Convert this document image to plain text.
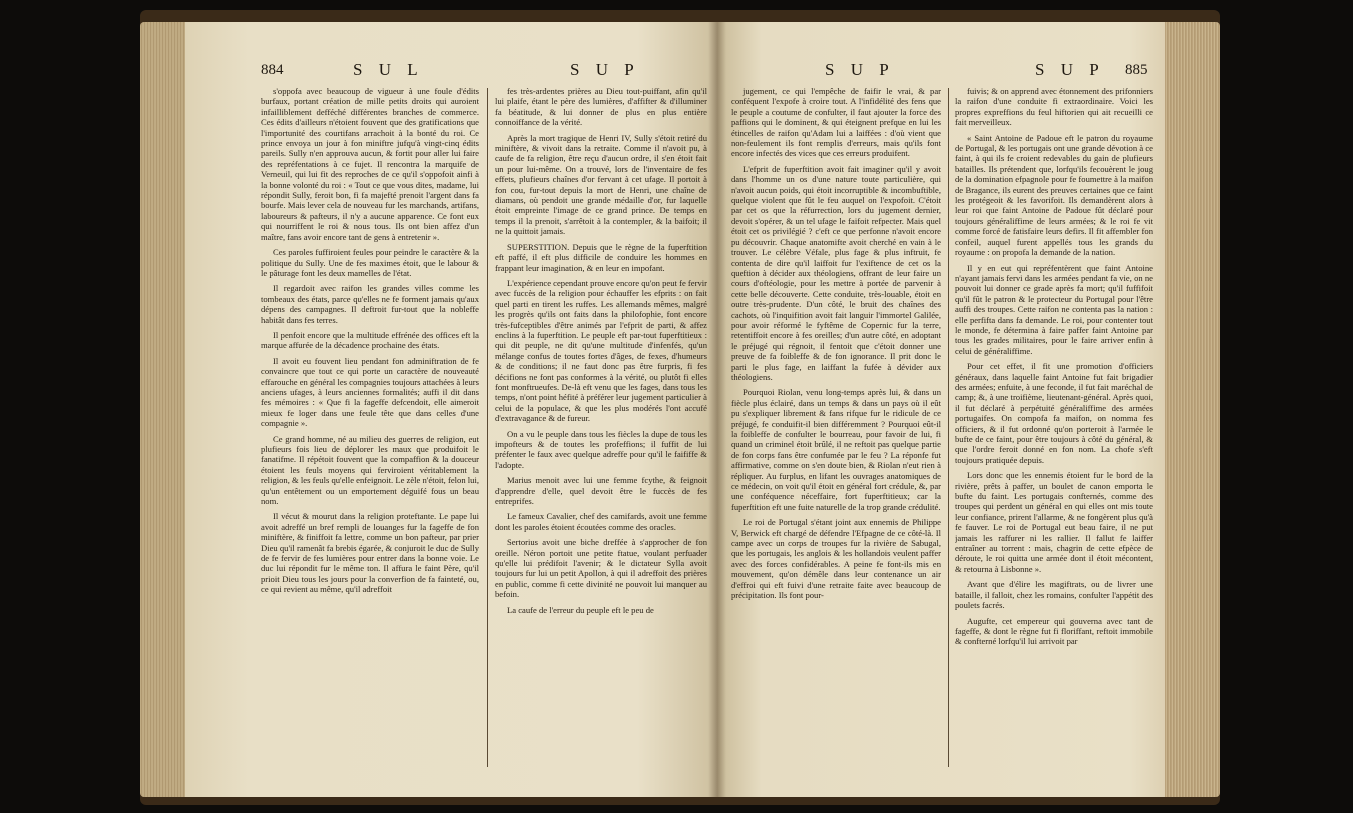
884	S U L	S U P

s'oppofa avec beaucoup de vigueur à une foule d'édits burfaux, portant création de mille petits droits qui auroient infailliblement defféché différentes branches de commerce. Ces édits d'ailleurs n'étoient fouvent que des gratifications que l'importunité des courtifans arrachoit à la bonté du roi. Ce prince envoya un jour à fon miniftre jufqu'à vingt-cinq édits pareils. Sully n'en approuva aucun, & fortit pour aller lui faire des repréfentations à ce fujet. Il rencontra la marquife de Verneuil, qui lui fit des reproches de ce qu'il s'oppofoit ainfi à la bonne volonté du roi : « Tout ce que vous dites, madame, lui répondit Sully, feroit bon, fi fa majefté prenoit l'argent dans fa bourfe. Mais lever cela de nouveau fur les marchands, artifans, laboureurs & pafteurs, il n'y a aucune apparence. Ce font eux qui nourriffent le roi & nous tous. Ils ont bien affez d'un maître, fans avoir encore tant de gens à entretenir ».

Ces paroles fuffiroient feules pour peindre le caractère & la politique du Sully. Une de fes maximes étoit, que le labour & le pâturage font les deux mamelles de l'état.

Il regardoit avec raifon les grandes villes comme les tombeaux des états, parce qu'elles ne fe forment jamais qu'aux dépens des campagnes. Il deftroit fur-tout que la nobleffe habitât dans fes terres.

Il penfoit encore que la multitude effrénée des offices eft la marque affurée de la décadence prochaine des états.

Il avoit eu fouvent lieu pendant fon adminiftration de fe convaincre que tout ce qui porte un caractère de nouveauté effarouche en général les compagnies toujours attachées à leurs anciens ufages, à leurs anciennes formalités; auffi il dit dans fes mémoires : « Que fi la fageffe defcendoit, elle aimeroit mieux fe loger dans une feule tête que dans celles d'une compagnie ».

Ce grand homme, né au milieu des guerres de religion, eut plufieurs fois lieu de déplorer les maux que produifoit le fanatifme. Il répétoit fouvent que la compaffion & la douceur étoient les feuls moyens qui ferviroient véritablement la religion, & les feuls qu'elle enfeignoit. Le zèle n'étoit, felon lui, qu'un entêtement ou un emportement déguifé fous un beau nom.

Il vécut & mourut dans la religion proteftante. Le pape lui avoit adreffé un bref rempli de louanges fur la fageffe de fon miniftère, & finiffoit fa lettre, comme un bon pafteur, par prier Dieu qu'il ramenât fa brebis égarée, & conjuroit le duc de Sully de fe fervir de fes lumières pour entrer dans la bonne voie. Le duc lui répondit fur le même ton. Il affura le faint Père, qu'il prioit Dieu tous les jours pour la converfion de fa fainteté, ou, ce qui revient au même, qu'il adreffoit

fes très-ardentes prières au Dieu tout-puiffant, afin qu'il lui plaife, étant le père des lumières, d'affifter & d'illuminer fa béatitude, & lui donner de plus en plus entière connoiffance de la vérité.

Après la mort tragique de Henri IV, Sully s'étoit retiré du miniftère, & vivoit dans la retraite. Comme il n'avoit pu, à caufe de fa religion, être reçu d'aucun ordre, il s'en étoit fait un pour lui-même. On a trouvé, lors de l'inventaire de fes effets, plufieurs chaînes d'or fervant à cet ufage. Il portoit à fon cou, fur-tout depuis la mort de Henri, une chaîne de diamans, où pendoit une grande médaille d'or, fur laquelle étoit empreinte l'image de ce grand prince. De temps en temps il la prenoit, s'arrêtoit à la contempler, & la baifoit; il ne la quittoit jamais.

SUPERSTITION. Depuis que le règne de la fuperftition eft paffé, il eft plus difficile de conduire les hommes en frappant leur imagination, & en leur en impofant.

L'expérience cependant prouve encore qu'on peut fe fervir avec fuccès de la religion pour échauffer les efprits : on fait quel parti en tirent les ruffes. Les allemands mêmes, malgré les progrès qu'ils ont faits dans la philofophie, font encore très-fufceptibles d'être animés par l'efprit de parti, & affez enclins à la fuperftition. Le peuple eft par-tout fuperftitieux : qui dit peuple, ne dit qu'une multitude d'infenfés, qu'un mélange confus de toutes fortes d'âges, de fexes, d'humeurs & de conditions; il ne faut donc pas être furpris, fi fes décifions ne font pas conformes à la vérité, ou plutôt fi elles font monftrueufes. De-là eft venu que les fages, dans tous les temps, n'ont point héfité à préférer leur jugement particulier à celui de la populace, & que les plus modérés l'ont accufé d'extravagance & de fureur.

On a vu le peuple dans tous les fiècles la dupe de tous les impofteurs & de toutes les profeffions; il fuffit de lui préfenter le faux avec quelque adreffe pour qu'il le faififfe & l'adopte.

Marius menoit avec lui une femme fcythe, & feignoit d'apprendre d'elle, quel devoit être le fuccès de fes entreprifes.

Le fameux Cavalier, chef des camifards, avoit une femme dont les paroles étoient écoutées comme des oracles.

Sertorius avoit une biche dreffée à s'approcher de fon oreille. Néron portoit une petite ftatue, voulant perfuader qu'elle lui prédifoit l'avenir; & le dictateur Sylla avoit toujours fur lui un petit Apollon, à qui il adreffoit des prières en public, comme fi cette divinité ne pouvoit lui manquer au befoin.

La caufe de l'erreur du peuple eft le peu de

S U P	S U P 885

jugement, ce qui l'empêche de faifir le vrai, & par conféquent l'expofe à croire tout. A l'infidélité des fens que le peuple a coutume de confulter, il faut ajouter la force des paffions qui le dominent, & qui éteignent prefque en lui les étincelles de raifon qu'Adam lui a laiffées : d'où vient que non-feulement ils font remplis d'erreurs, mais qu'ils font encore infectés des vices que ces erreurs produifent.

L'efprit de fuperftition avoit fait imaginer qu'il y avoit dans l'homme un os d'une nature toute particulière, qui n'avoit aucun poids, qui étoit incorruptible & incombuftible, quelque violent que fût le feu auquel on l'expofoit. C'étoit par cet os que la réfurrection, lors du jugement dernier, devoit s'opérer, & un tel ufage le faifoit refpecter. Mais quel étoit cet os privilégié ? c'eft ce que perfonne n'avoit encore pu découvrir. Chaque anatomifte avoit cherché en vain à le trouver. Le célèbre Véfale, plus fage & plus inftruit, fe contenta de dire qu'il laiffoit fur l'exiftence de cet os la queftion à décider aux théologiens, offrant de leur faire un cours d'oftéologie, pour les mettre à portée de parvenir à cette belle découverte. Cette conduite, très-louable, étoit en outre très-prudente. D'un côté, le bruit des chaînes des cachots, où l'inquifition avoit fait languir l'immortel Galilée, pour avoir réformé le fyftême de Copernic fur la terre, retentiffoit encore à fes oreilles; d'un autre côté, en adoptant le préjugé qui régnoit, il fentoit que c'étoit donner une preuve de fa foibleffe & de fon ignorance. Il prit donc le parti le plus fage, en laiffant la fufée à dévider aux théologiens.

Pourquoi Riolan, venu long-temps après lui, & dans un fiècle plus éclairé, dans un temps & dans un pays où il eût pu s'expliquer librement & fans rifque fur le ridicule de ce préjugé, fe conduifit-il bien différemment ? Pourquoi eût-il la foibleffe de confulter le bourreau, pour favoir de lui, fi quand un criminel étoit brûlé, il ne reftoit pas quelque partie de fon corps fans être confumée par le feu ? La réponfe fut affirmative, comme on s'en doute bien, & Riolan n'eut rien à répliquer. Au furplus, en lifant les ouvrages anatomiques de ce médecin, on voit qu'il étoit en général fort crédule, &, par une conféquence néceffaire, fort fuperftitieux; car la fuperftition eft une fuite naturelle de la trop grande crédulité.

Le roi de Portugal s'étant joint aux ennemis de Philippe V, Berwick eft chargé de défendre l'Efpagne de ce côté-là. Il campe avec un corps de troupes fur la rivière de Sabugal, que les portugais, les anglois & les hollandois veulent paffer avec des forces confidérables. A peine fe font-ils mis en mouvement, qu'on démêle dans leur contenance un air d'effroi qui eft fuivi d'une retraite faite avec beaucoup de précipitation. Ils font pour-

fuivis; & on apprend avec étonnement des prifonniers la raifon d'une conduite fi extraordinaire. Voici les propres expreffions du feul hiftorien qui ait recueilli ce fait merveilleux.

« Saint Antoine de Padoue eft le patron du royaume de Portugal, & les portugais ont une grande dévotion à ce faint, à qui ils fe croient redevables du gain de plufieurs batailles. Ils prétendent que, lorfqu'ils fecouèrent le joug de la domination efpagnole pour fe foumettre à la maifon de Bragance, ils eurent des preuves certaines que ce faint les protégeoit & les favorifoit. Ils demandèrent alors à leur roi que faint Antoine de Padoue fût déclaré pour toujours généraliffime de leurs armées; & le roi fe vit comme forcé de fatisfaire leurs defirs. Il fit affembler fon confeil, auquel furent appellés tous les grands du royaume : on propofa la demande de la nation.

Il y en eut qui repréfentèrent que faint Antoine n'ayant jamais fervi dans les armées pendant fa vie, on ne pouvoit lui donner ce grade après fa mort; qu'il fuffifoit qu'il fût le patron & le protecteur du Portugal pour l'être auffi des troupes. Cette raifon ne contenta pas la nation : elle perfifta dans fa demande. Le roi, pour contenter tout le monde, fe détermina à faire paffer faint Antoine par tous les grades militaires, pour le faire arriver enfin à celui de généraliffime.

Pour cet effet, il fit une promotion d'officiers généraux, dans laquelle faint Antoine fut fait brigadier des armées; enfuite, à une feconde, il fut fait maréchal de camp; &, à une troifième, lieutenant-général. Après quoi, il fut déclaré à perpétuité généraliffime des armées portugaifes. On compofa fa maifon, on nomma fes officiers, & il fut ordonné qu'on porteroit à l'armée le bufte de ce faint, pour être toujours à côté du général, & que l'ordre feroit donné en fon nom. La chofe s'eft toujours pratiquée depuis.

Lors donc que les ennemis étoient fur le bord de la rivière, prêts à paffer, un boulet de canon emporta le bufte du faint. Les portugais confternés, comme des troupes qui perdent un général en qui elles ont mis toute leur confiance, prirent l'allarme, & ne fongèrent plus qu'à fe fauver. Le roi de Portugal eut beau faire, il ne put jamais les raffurer ni les rallier. Il fallut fe laiffer entraîner au torrent : mais, chagrin de cette efpèce de déroute, le roi quitta une armée dont il étoit mécontent, & retourna à Lisbonne ».

Avant que d'élire les magiftrats, ou de livrer une bataille, il falloit, chez les romains, confulter l'appétit des poulets facrés.

Augufte, cet empereur qui gouverna avec tant de fageffe, & dont le règne fut fi floriffant, reftoit immobile & confterné lorfqu'il lui arrivoit par
